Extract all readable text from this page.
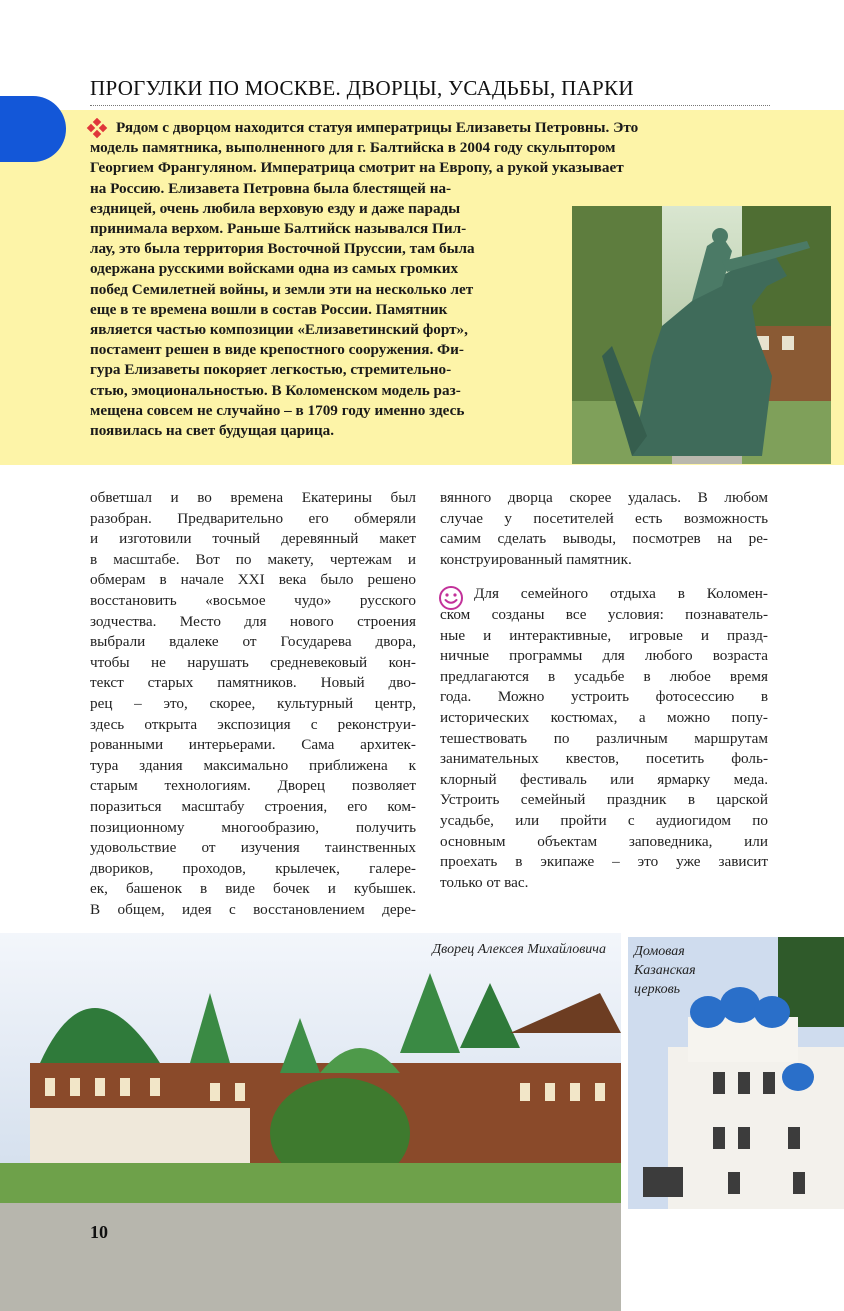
ПРОГУЛКИ ПО МОСКВЕ. ДВОРЦЫ, УСАДЬБЫ, ПАРКИ
Рядом с дворцом находится статуя императрицы Елизаветы Петровны. Это
модель памятника, выполненного для г. Балтийска в 2004 году скульптором
Георгием Франгуляном. Императрица смотрит на Европу, а рукой указывает
на Россию. Елизавета Петровна была блестящей на-
ездницей, очень любила верховую езду и даже парады
принимала верхом. Раньше Балтийск назывался Пил-
лау, это была территория Восточной Пруссии, там была
одержана русскими войсками одна из самых громких
побед Семилетней войны, и земли эти на несколько лет
еще в те времена вошли в состав России. Памятник
является частью композиции «Елизаветинский форт»,
постамент решен в виде крепостного сооружения. Фи-
гура Елизаветы покоряет легкостью, стремительно-
стью, эмоциональностью. В Коломенском модель раз-
мещена совсем не случайно – в 1709 году именно здесь
появилась на свет будущая царица.
обветшал и во времена Екатерины был
разобран. Предварительно его обмеряли
и изготовили точный деревянный макет
в масштабе. Вот по макету, чертежам и
обмерам в начале XXI века было решено
восстановить «восьмое чудо» русского
зодчества. Место для нового строения
выбрали вдалеке от Государева двора,
чтобы не нарушать средневековый кон-
текст старых памятников. Новый дво-
рец – это, скорее, культурный центр,
здесь открыта экспозиция с реконструи-
рованными интерьерами. Сама архитек-
тура здания максимально приближена к
старым технологиям. Дворец позволяет
поразиться масштабу строения, его ком-
позиционному многообразию, получить
удовольствие от изучения таинственных
двориков, проходов, крылечек, галере-
ек, башенок в виде бочек и кубышек.
В общем, идея с восстановлением дере-
вянного дворца скорее удалась. В любом
случае у посетителей есть возможность
самим сделать выводы, посмотрев на ре-
конструированный памятник.
Для семейного отдыха в Коломен-
ском созданы все условия: познаватель-
ные и интерактивные, игровые и празд-
ничные программы для любого возраста
предлагаются в усадьбе в любое время
года. Можно устроить фотосессию в
исторических костюмах, а можно попу-
тешествовать по различным маршрутам
занимательных квестов, посетить фоль-
клорный фестиваль или ярмарку меда.
Устроить семейный праздник в царской
усадьбе, или пройти с аудиогидом по
основным объектам заповедника, или
проехать в экипаже – это уже зависит
только от вас.
Дворец Алексея Михайловича Домовая
Казанская
церковь
10
